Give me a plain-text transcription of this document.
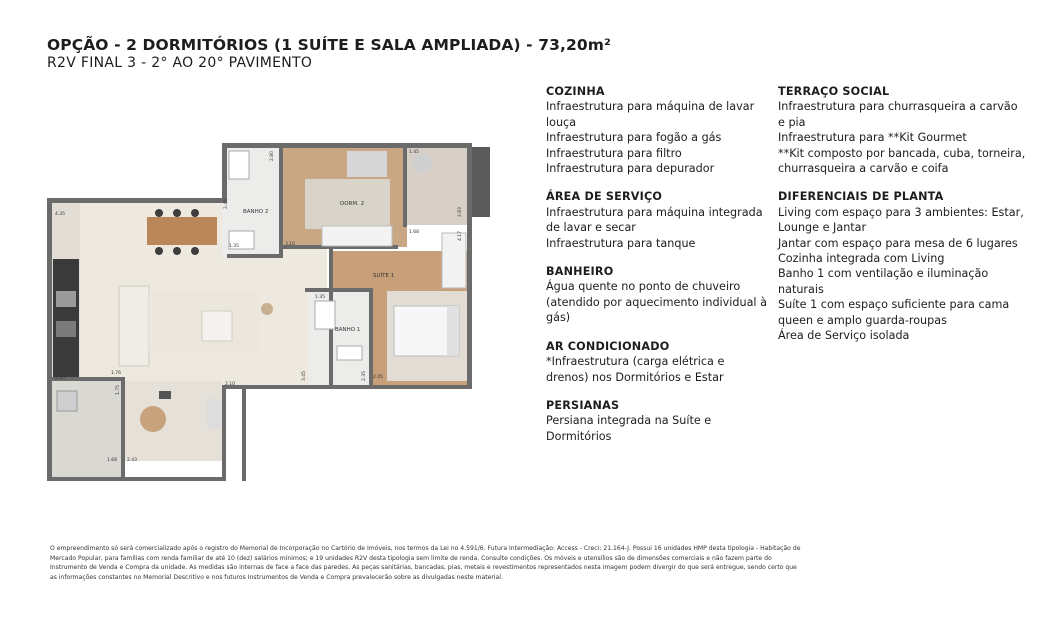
OPÇÃO - 2 DORMITÓRIOS (1 SUÍTE E SALA AMPLIADA) - 73,20m²
R2V FINAL 3 - 2° AO 20° PAVIMENTO
DORM. 2
BANHO 2
SUÍTE 1
BANHO 1
1.45
2.80
4.35
3.10
1.35
1.68	4.17
2.83
1.76
2.10
2.45
1.75
1.35
3.45	2.35 2.45
1.68 2.43
4.35
COZINHA
Infraestrutura para máquina de lavar louça
Infraestrutura para fogão a gás
Infraestrutura para filtro
Infraestrutura para depurador
ÁREA DE SERVIÇO
Infraestrutura para máquina integrada de lavar e secar
Infraestrutura para tanque
BANHEIRO
Água quente no ponto de chuveiro (atendido por aquecimento individual à gás)
AR CONDICIONADO
*Infraestrutura (carga elétrica e drenos) nos Dormitórios e Estar
PERSIANAS
Persiana integrada na Suíte e Dormitórios
TERRAÇO SOCIAL
Infraestrutura para churrasqueira a carvão e pia
Infraestrutura para **Kit Gourmet
**Kit composto por bancada, cuba, torneira, churrasqueira a carvão e coifa
DIFERENCIAIS DE PLANTA
Living com espaço para 3 ambientes: Estar, Lounge e Jantar
Jantar com espaço para mesa de 6 lugares
Cozinha integrada com Living
Banho 1 com ventilação e iluminação naturais
Suíte 1 com espaço suficiente para cama queen e amplo guarda-roupas
Área de Serviço isolada
O empreendimento só será comercializado após o registro do Memorial de Incorporação no Cartório de Imóveis, nos termos da Lei no 4.591/6. Futura Intermediação: Access - Creci: 21.164-J. Possui 16 unidades HMP desta tipologia - Habitação de Mercado Popular, para famílias com renda familiar de até 10 (dez) salários mínimos; e 19 unidades R2V desta tipologia sem limite de renda. Consulte condições. Os móveis e utensílios são de dimensões comerciais e não fazem parte do Instrumento de Venda e Compra da unidade. As medidas são internas de face a face das paredes. As peças sanitárias, bancadas, pias, metais e revestimentos representados nesta imagem podem divergir do que será entregue, sendo certo que as informações constantes no Memorial Descritivo e nos futuros Instrumentos de Venda e Compra prevalecerão sobre as divulgadas neste material.
